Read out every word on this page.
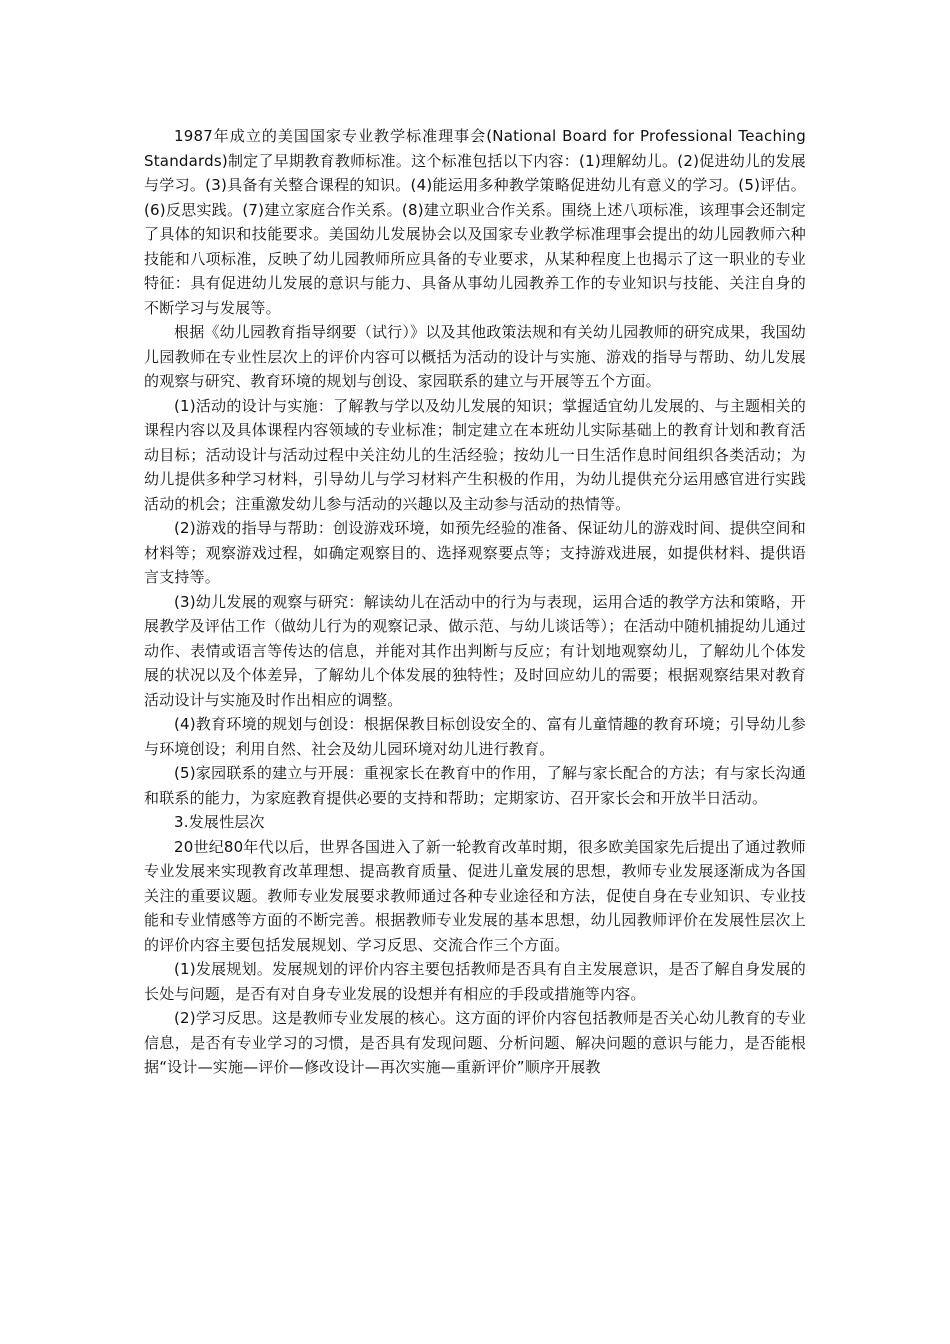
1987年成立的美国国家专业教学标准理事会(National Board for Professional Teaching Standards)制定了早期教育教师标准。这个标准包括以下内容：(1)理解幼儿。(2)促进幼儿的发展与学习。(3)具备有关整合课程的知识。(4)能运用多种教学策略促进幼儿有意义的学习。(5)评估。(6)反思实践。(7)建立家庭合作关系。(8)建立职业合作关系。围绕上述八项标准，该理事会还制定了具体的知识和技能要求。美国幼儿发展协会以及国家专业教学标准理事会提出的幼儿园教师六种技能和八项标准，反映了幼儿园教师所应具备的专业要求，从某种程度上也揭示了这一职业的专业特征：具有促进幼儿发展的意识与能力、具备从事幼儿园教养工作的专业知识与技能、关注自身的不断学习与发展等。

根据《幼儿园教育指导纲要（试行）》以及其他政策法规和有关幼儿园教师的研究成果，我国幼儿园教师在专业性层次上的评价内容可以概括为活动的设计与实施、游戏的指导与帮助、幼儿发展的观察与研究、教育环境的规划与创设、家园联系的建立与开展等五个方面。

(1)活动的设计与实施：了解教与学以及幼儿发展的知识；掌握适宜幼儿发展的、与主题相关的课程内容以及具体课程内容领域的专业标准；制定建立在本班幼儿实际基础上的教育计划和教育活动目标；活动设计与活动过程中关注幼儿的生活经验；按幼儿一日生活作息时间组织各类活动；为幼儿提供多种学习材料，引导幼儿与学习材料产生积极的作用，为幼儿提供充分运用感官进行实践活动的机会；注重激发幼儿参与活动的兴趣以及主动参与活动的热情等。

(2)游戏的指导与帮助：创设游戏环境，如预先经验的准备、保证幼儿的游戏时间、提供空间和材料等；观察游戏过程，如确定观察目的、选择观察要点等；支持游戏进展，如提供材料、提供语言支持等。

(3)幼儿发展的观察与研究：解读幼儿在活动中的行为与表现，运用合适的教学方法和策略，开展教学及评估工作（做幼儿行为的观察记录、做示范、与幼儿谈话等）；在活动中随机捕捉幼儿通过动作、表情或语言等传达的信息，并能对其作出判断与反应；有计划地观察幼儿，了解幼儿个体发展的状况以及个体差异，了解幼儿个体发展的独特性；及时回应幼儿的需要；根据观察结果对教育活动设计与实施及时作出相应的调整。

(4)教育环境的规划与创设：根据保教目标创设安全的、富有儿童情趣的教育环境；引导幼儿参与环境创设；利用自然、社会及幼儿园环境对幼儿进行教育。

(5)家园联系的建立与开展：重视家长在教育中的作用，了解与家长配合的方法；有与家长沟通和联系的能力，为家庭教育提供必要的支持和帮助；定期家访、召开家长会和开放半日活动。

3.发展性层次

20世纪80年代以后，世界各国进入了新一轮教育改革时期，很多欧美国家先后提出了通过教师专业发展来实现教育改革理想、提高教育质量、促进儿童发展的思想，教师专业发展逐渐成为各国关注的重要议题。教师专业发展要求教师通过各种专业途径和方法，促使自身在专业知识、专业技能和专业情感等方面的不断完善。根据教师专业发展的基本思想，幼儿园教师评价在发展性层次上的评价内容主要包括发展规划、学习反思、交流合作三个方面。

(1)发展规划。发展规划的评价内容主要包括教师是否具有自主发展意识，是否了解自身发展的长处与问题，是否有对自身专业发展的设想并有相应的手段或措施等内容。

(2)学习反思。这是教师专业发展的核心。这方面的评价内容包括教师是否关心幼儿教育的专业信息，是否有专业学习的习惯，是否具有发现问题、分析问题、解决问题的意识与能力，是否能根据“设计—实施—评价—修改设计—再次实施—重新评价”顺序开展教
